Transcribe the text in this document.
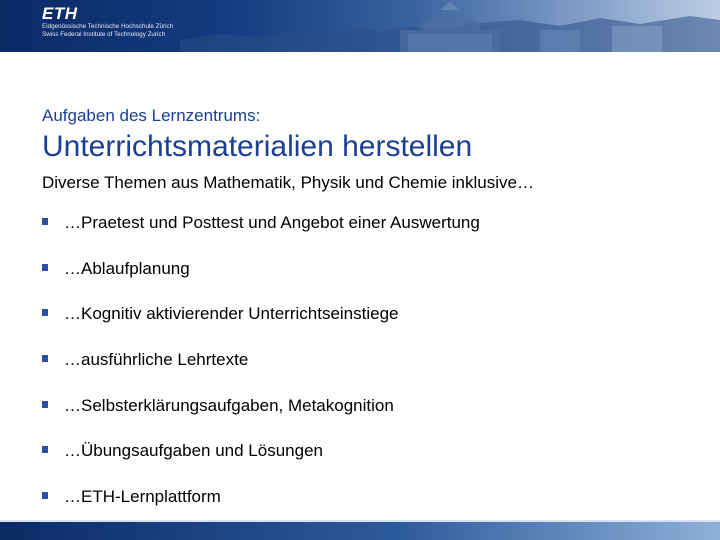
ETH
Eidgenössische Technische Hochschule Zürich
Swiss Federal Institute of Technology Zurich
Aufgaben des Lernzentrums:
Unterrichtsmaterialien herstellen
Diverse Themen aus Mathematik, Physik und Chemie inklusive…
…Praetest und Posttest und Angebot einer Auswertung
…Ablaufplanung
…Kognitiv aktivierender Unterrichtseinstiege
…ausführliche Lehrtexte
…Selbsterklärungsaufgaben, Metakognition
…Übungsaufgaben und Lösungen
…ETH-Lernplattform
